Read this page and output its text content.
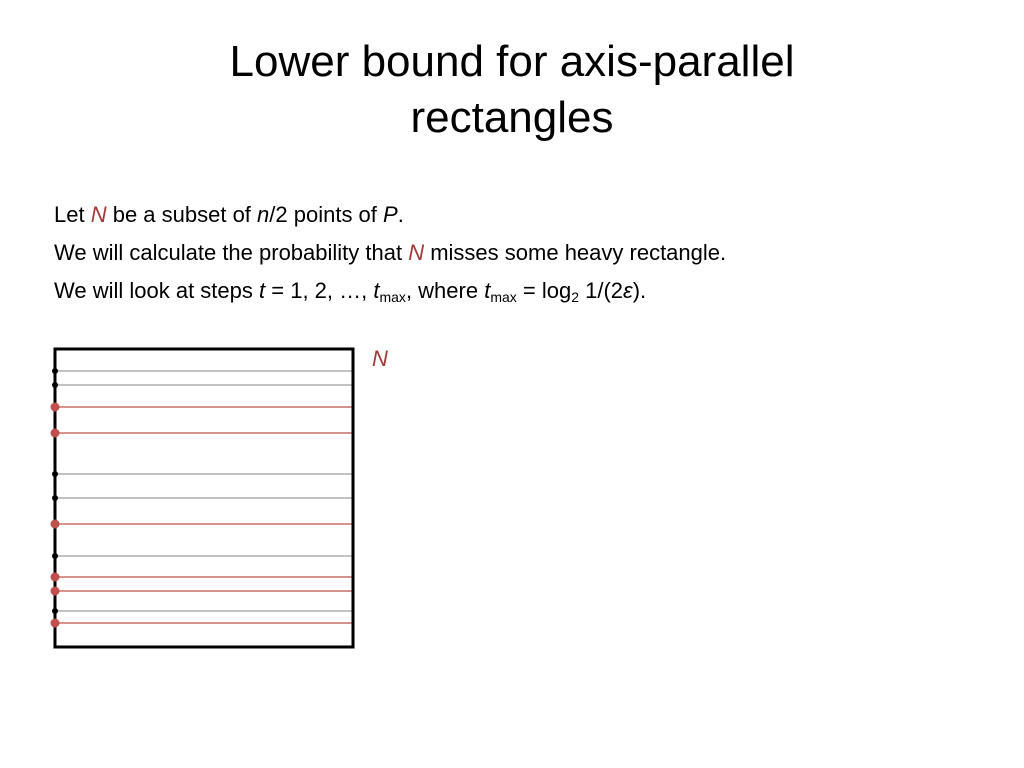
Lower bound for axis-parallel
rectangles
Let N be a subset of n/2 points of P.
We will calculate the probability that N misses some heavy rectangle.
We will look at steps t = 1, 2, …, $t_{max}$, where $t_{max} = \log_2 1/(2\varepsilon)$.
N
